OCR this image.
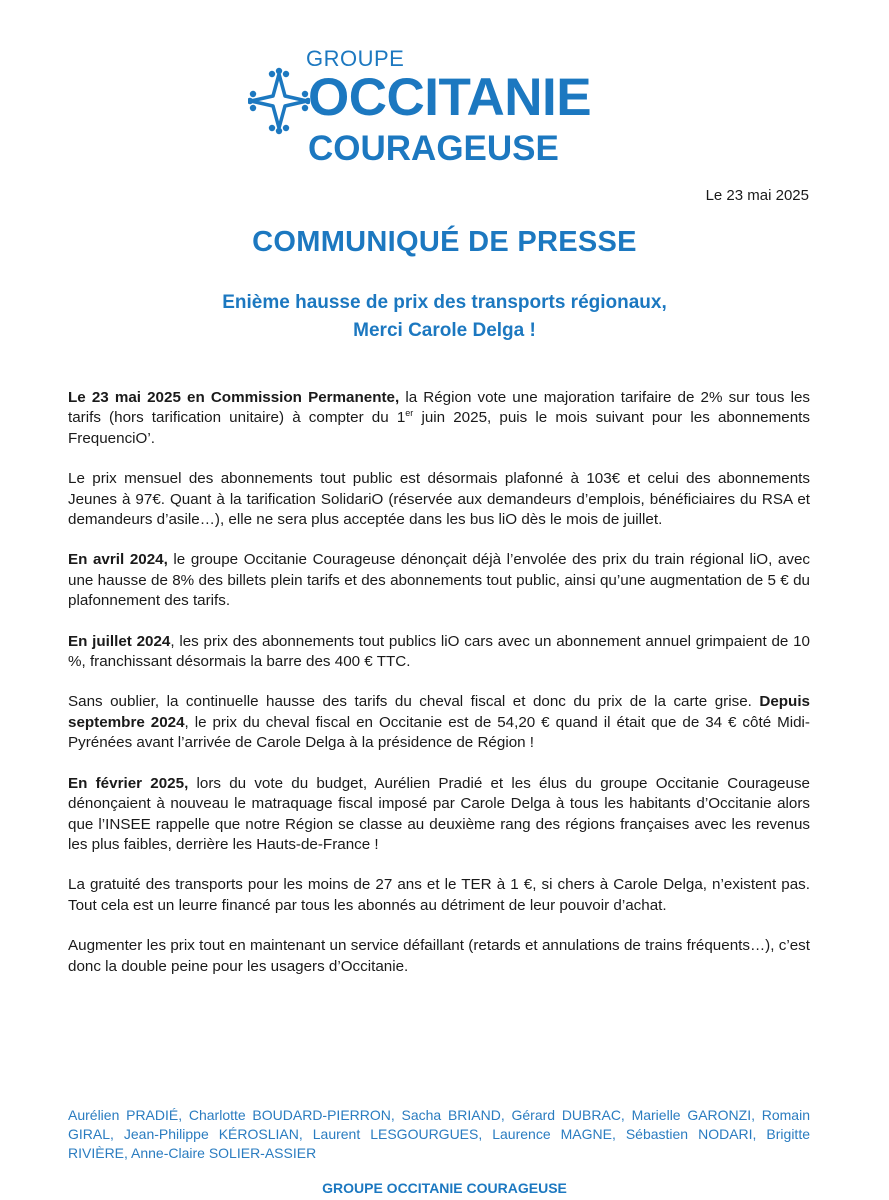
GROUPE
OCCITANIE
COURAGEUSE
Le 23 mai 2025
COMMUNIQUÉ DE PRESSE
Enième hausse de prix des transports régionaux,
Merci Carole Delga !

Le 23 mai 2025 en Commission Permanente, la Région vote une majoration tarifaire de 2% sur tous les tarifs (hors tarification unitaire) à compter du 1er juin 2025, puis le mois suivant pour les abonnements FrequenciO’.

Le prix mensuel des abonnements tout public est désormais plafonné à 103€ et celui des abonnements Jeunes à 97€. Quant à la tarification SolidariO (réservée aux demandeurs d’emplois, bénéficiaires du RSA et demandeurs d’asile…), elle ne sera plus acceptée dans les bus liO dès le mois de juillet.

En avril 2024, le groupe Occitanie Courageuse dénonçait déjà l’envolée des prix du train régional liO, avec une hausse de 8% des billets plein tarifs et des abonnements tout public, ainsi qu’une augmentation de 5 € du plafonnement des tarifs.

En juillet 2024, les prix des abonnements tout publics liO cars avec un abonnement annuel grimpaient de 10 %, franchissant désormais la barre des 400 € TTC.

Sans oublier, la continuelle hausse des tarifs du cheval fiscal et donc du prix de la carte grise. Depuis septembre 2024, le prix du cheval fiscal en Occitanie est de 54,20 € quand il était que de 34 € côté Midi-Pyrénées avant l’arrivée de Carole Delga à la présidence de Région !

En février 2025, lors du vote du budget, Aurélien Pradié et les élus du groupe Occitanie Courageuse dénonçaient à nouveau le matraquage fiscal imposé par Carole Delga à tous les habitants d’Occitanie alors que l’INSEE rappelle que notre Région se classe au deuxième rang des régions françaises avec les revenus les plus faibles, derrière les Hauts-de-France !

La gratuité des transports pour les moins de 27 ans et le TER à 1 €, si chers à Carole Delga, n’existent pas. Tout cela est un leurre financé par tous les abonnés au détriment de leur pouvoir d’achat.

Augmenter les prix tout en maintenant un service défaillant (retards et annulations de trains fréquents…), c’est donc la double peine pour les usagers d’Occitanie.

Aurélien PRADIÉ, Charlotte BOUDARD-PIERRON, Sacha BRIAND, Gérard DUBRAC, Marielle GARONZI, Romain GIRAL, Jean-Philippe KÉROSLIAN, Laurent LESGOURGUES, Laurence MAGNE, Sébastien NODARI, Brigitte RIVIÈRE, Anne-Claire SOLIER-ASSIER
GROUPE OCCITANIE COURAGEUSE
